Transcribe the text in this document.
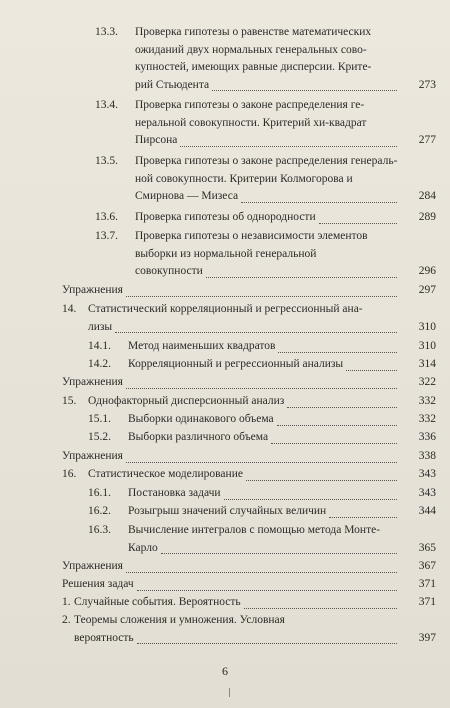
13.3. Проверка гипотезы о равенстве математических
ожиданий двух нормальных генеральных сово-
купностей, имеющих равные дисперсии. Крите-
рий Стьюдента	273
13.4. Проверка гипотезы о законе распределения ге-
неральной совокупности. Критерий хи-квадрат
Пирсона	277
13.5. Проверка гипотезы о законе распределения генераль-
ной совокупности. Критерии Колмогорова и
Смирнова — Мизеса	284
13.6. Проверка гипотезы об однородности	289
13.7. Проверка гипотезы о независимости элементов
выборки из нормальной генеральной
совокупности	296
Упражнения	297
14. Статистический корреляционный и регрессионный ана-
лизы	310
14.1. Метод наименьших квадратов	310
14.2. Корреляционный и регрессионный анализы	314
Упражнения	322
15. Однофакторный дисперсионный анализ	332
15.1. Выборки одинакового объема	332
15.2. Выборки различного объема	336
Упражнения	338
16. Статистическое моделирование	343
16.1. Постановка задачи	343
16.2. Розыгрыш значений случайных величин	344
16.3. Вычисление интегралов с помощью метода Монте-
Карло	365
Упражнения	367
Решения задач	371
1. Случайные события. Вероятность	371
2. Теоремы сложения и умножения. Условная
вероятность	397
6
